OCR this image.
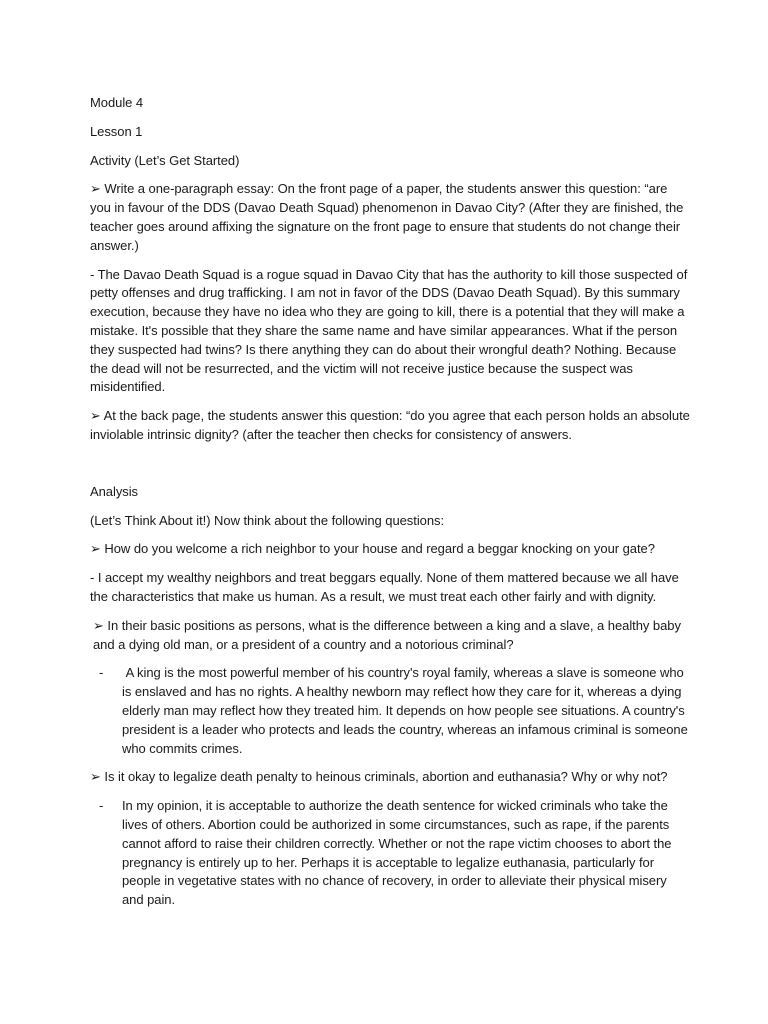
Module 4

Lesson 1

Activity (Let’s Get Started)

➢ Write a one-paragraph essay: On the front page of a paper, the students answer this question: “are you in favour of the DDS (Davao Death Squad) phenomenon in Davao City? (After they are finished, the teacher goes around affixing the signature on the front page to ensure that students do not change their answer.)

- The Davao Death Squad is a rogue squad in Davao City that has the authority to kill those suspected of petty offenses and drug trafficking. I am not in favor of the DDS (Davao Death Squad). By this summary execution, because they have no idea who they are going to kill, there is a potential that they will make a mistake. It's possible that they share the same name and have similar appearances. What if the person they suspected had twins? Is there anything they can do about their wrongful death? Nothing. Because the dead will not be resurrected, and the victim will not receive justice because the suspect was misidentified.

➢ At the back page, the students answer this question: “do you agree that each person holds an absolute inviolable intrinsic dignity? (after the teacher then checks for consistency of answers.

Analysis

(Let’s Think About it!) Now think about the following questions:

➢ How do you welcome a rich neighbor to your house and regard a beggar knocking on your gate?

- I accept my wealthy neighbors and treat beggars equally. None of them mattered because we all have the characteristics that make us human. As a result, we must treat each other fairly and with dignity.

➢ In their basic positions as persons, what is the difference between a king and a slave, a healthy baby and a dying old man, or a president of a country and a notorious criminal?

- A king is the most powerful member of his country's royal family, whereas a slave is someone who is enslaved and has no rights. A healthy newborn may reflect how they care for it, whereas a dying elderly man may reflect how they treated him. It depends on how people see situations. A country's president is a leader who protects and leads the country, whereas an infamous criminal is someone who commits crimes.

➢ Is it okay to legalize death penalty to heinous criminals, abortion and euthanasia? Why or why not?

- In my opinion, it is acceptable to authorize the death sentence for wicked criminals who take the lives of others. Abortion could be authorized in some circumstances, such as rape, if the parents cannot afford to raise their children correctly. Whether or not the rape victim chooses to abort the pregnancy is entirely up to her. Perhaps it is acceptable to legalize euthanasia, particularly for people in vegetative states with no chance of recovery, in order to alleviate their physical misery and pain.
